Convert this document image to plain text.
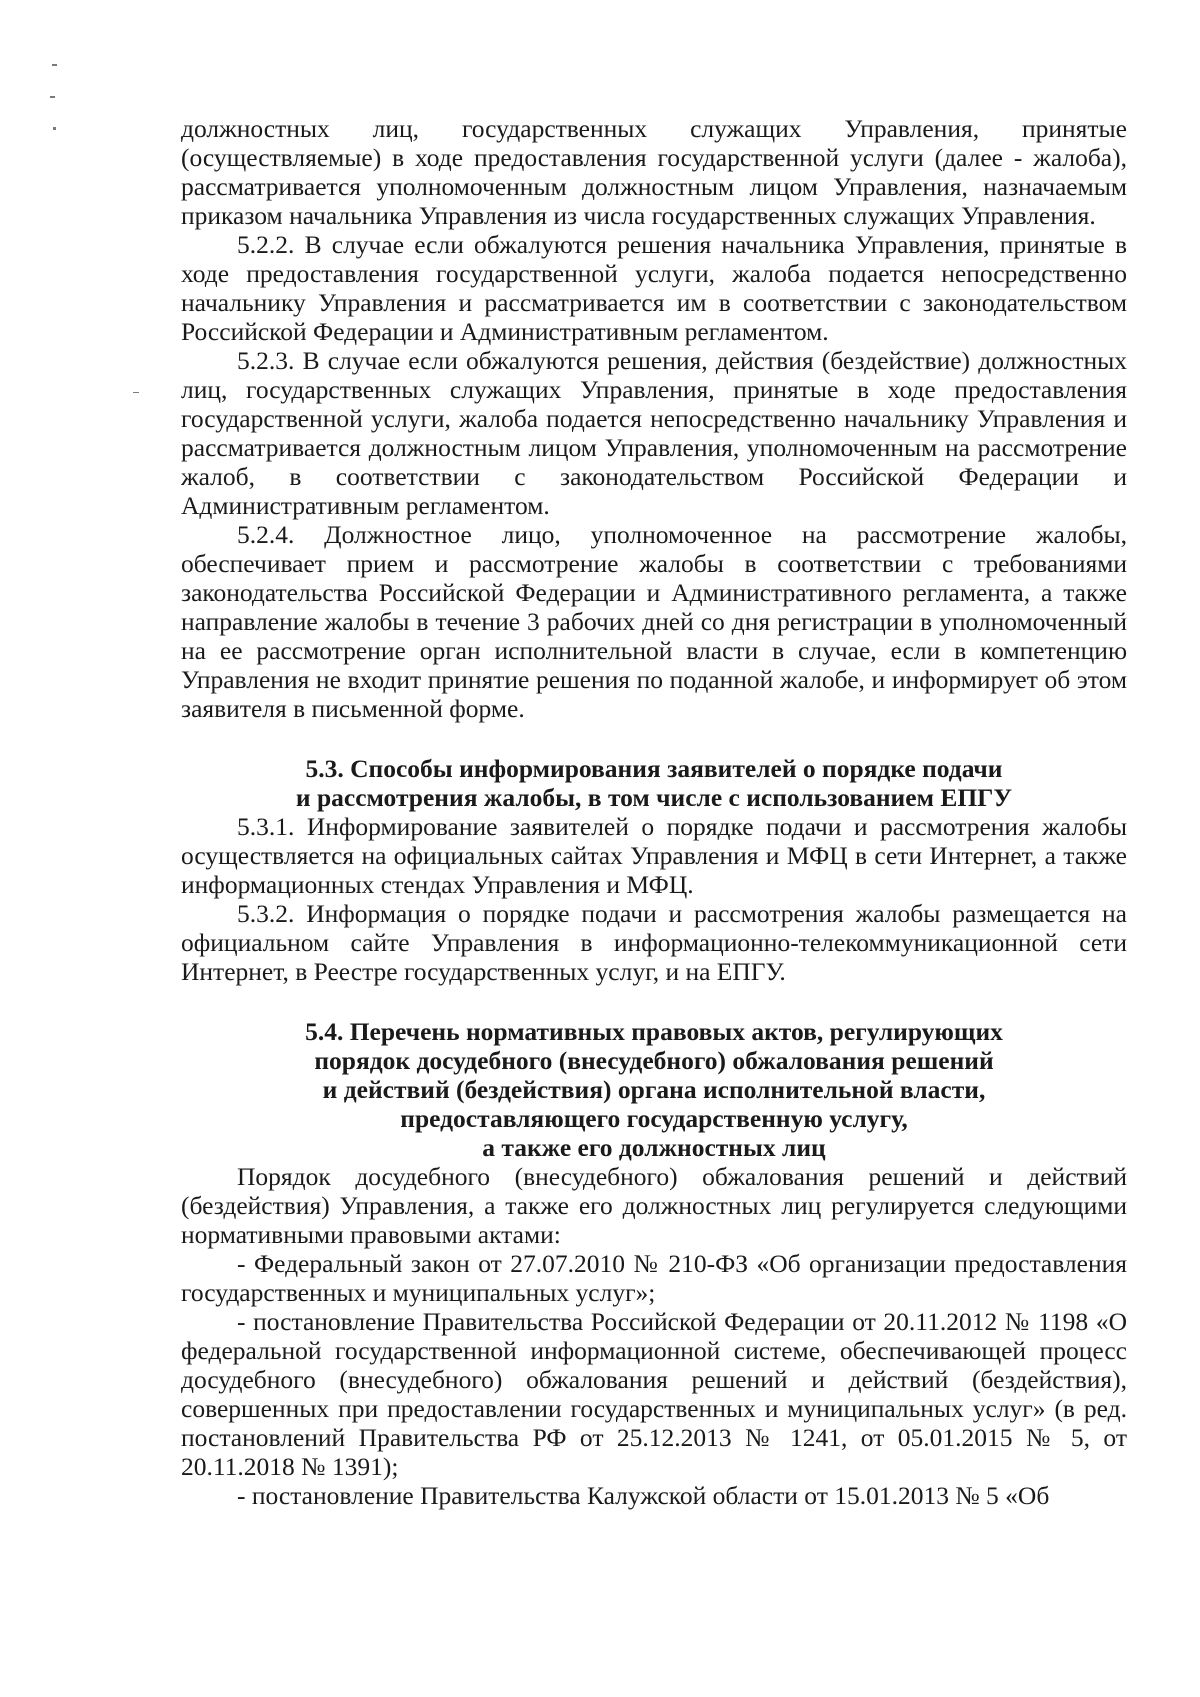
должностных лиц, государственных служащих Управления, принятые (осуществляемые) в ходе предоставления государственной услуги (далее - жалоба), рассматривается уполномоченным должностным лицом Управления, назначаемым приказом начальника Управления из числа государственных служащих Управления.

5.2.2. В случае если обжалуются решения начальника Управления, принятые в ходе предоставления государственной услуги, жалоба подается непосредственно начальнику Управления и рассматривается им в соответствии с законодательством Российской Федерации и Административным регламентом.

5.2.3. В случае если обжалуются решения, действия (бездействие) должностных лиц, государственных служащих Управления, принятые в ходе предоставления государственной услуги, жалоба подается непосредственно начальнику Управления и рассматривается должностным лицом Управления, уполномоченным на рассмотрение жалоб, в соответствии с законодательством Российской Федерации и Административным регламентом.

5.2.4. Должностное лицо, уполномоченное на рассмотрение жалобы, обеспечивает прием и рассмотрение жалобы в соответствии с требованиями законодательства Российской Федерации и Административного регламента, а также направление жалобы в течение 3 рабочих дней со дня регистрации в уполномоченный на ее рассмотрение орган исполнительной власти в случае, если в компетенцию Управления не входит принятие решения по поданной жалобе, и информирует об этом заявителя в письменной форме.

5.3. Способы информирования заявителей о порядке подачи

и рассмотрения жалобы, в том числе с использованием ЕПГУ

5.3.1. Информирование заявителей о порядке подачи и рассмотрения жалобы осуществляется на официальных сайтах Управления и МФЦ в сети Интернет, а также информационных стендах Управления и МФЦ.

5.3.2. Информация о порядке подачи и рассмотрения жалобы размещается на официальном сайте Управления в информационно-телекоммуникационной сети Интернет, в Реестре государственных услуг, и на ЕПГУ.

5.4. Перечень нормативных правовых актов, регулирующих

порядок досудебного (внесудебного) обжалования решений

и действий (бездействия) органа исполнительной власти,

предоставляющего государственную услугу,

а также его должностных лиц

Порядок досудебного (внесудебного) обжалования решений и действий (бездействия) Управления, а также его должностных лиц регулируется следующими нормативными правовыми актами:

- Федеральный закон от 27.07.2010 № 210-ФЗ «Об организации предоставления государственных и муниципальных услуг»;

- постановление Правительства Российской Федерации от 20.11.2012 № 1198 «О федеральной государственной информационной системе, обеспечивающей процесс досудебного (внесудебного) обжалования решений и действий (бездействия), совершенных при предоставлении государственных и муниципальных услуг» (в ред. постановлений Правительства РФ от 25.12.2013 № 1241, от 05.01.2015 № 5, от 20.11.2018 № 1391);

- постановление Правительства Калужской области от 15.01.2013 № 5 «Об
